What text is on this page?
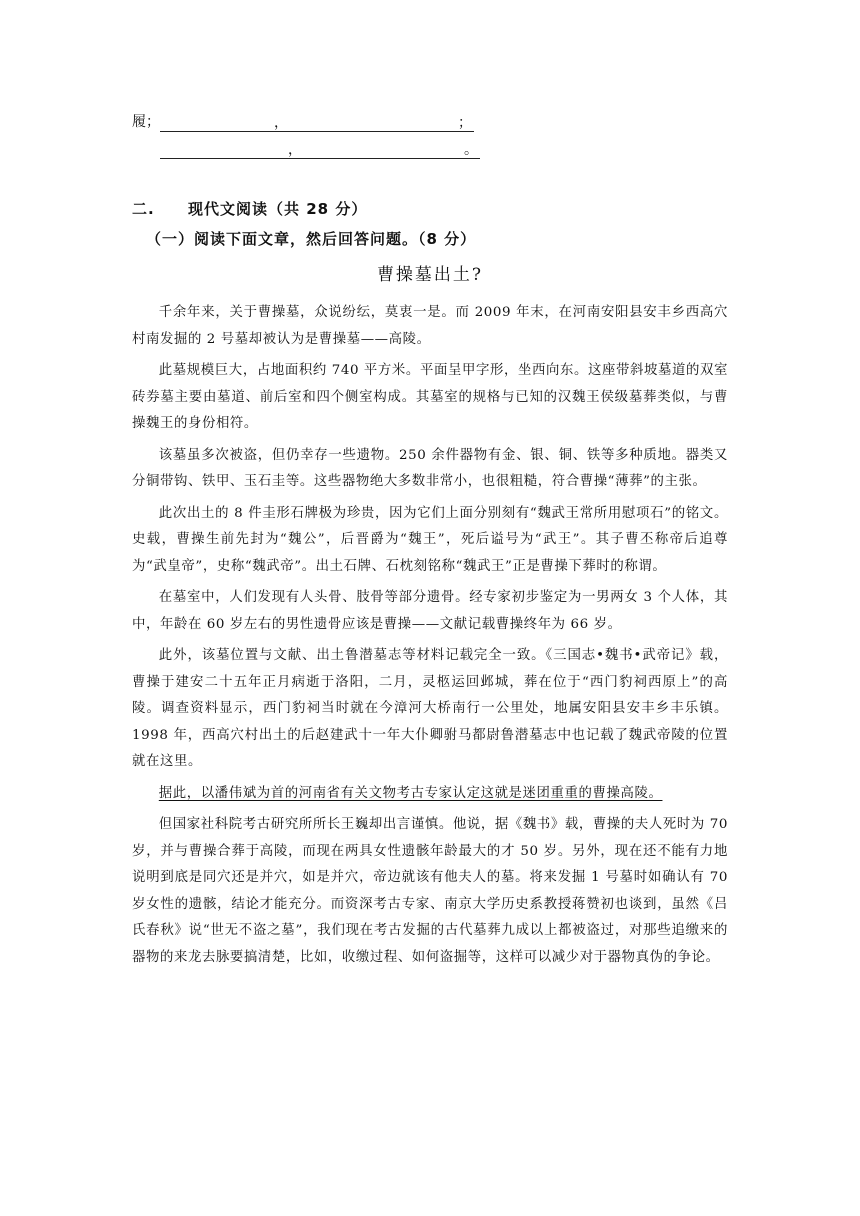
履；	，	；
，	。
二. 现代文阅读（共 28 分）
（一）阅读下面文章，然后回答问题。（8 分）
曹操墓出土?

千余年来，关于曹操墓，众说纷纭，莫衷一是。而 2009 年末，在河南安阳县安丰乡西高穴村南发掘的 2 号墓却被认为是曹操墓——高陵。

此墓规模巨大，占地面积约 740 平方米。平面呈甲字形，坐西向东。这座带斜坡墓道的双室砖券墓主要由墓道、前后室和四个侧室构成。其墓室的规格与已知的汉魏王侯级墓葬类似，与曹操魏王的身份相符。

该墓虽多次被盗，但仍幸存一些遗物。250 余件器物有金、银、铜、铁等多种质地。器类又分铜带钩、铁甲、玉石圭等。这些器物绝大多数非常小，也很粗糙，符合曹操“薄葬”的主张。

此次出土的 8 件圭形石牌极为珍贵，因为它们上面分别刻有“魏武王常所用慰项石”的铭文。史载，曹操生前先封为“魏公”，后晋爵为“魏王”，死后谥号为“武王”。其子曹丕称帝后追尊为“武皇帝”，史称“魏武帝”。出土石牌、石枕刻铭称“魏武王”正是曹操下葬时的称谓。

在墓室中，人们发现有人头骨、肢骨等部分遗骨。经专家初步鉴定为一男两女 3 个人体，其中，年龄在 60 岁左右的男性遗骨应该是曹操——文献记载曹操终年为 66 岁。

此外，该墓位置与文献、出土鲁潜墓志等材料记载完全一致。《三国志•魏书•武帝记》载，曹操于建安二十五年正月病逝于洛阳，二月，灵柩运回邺城，葬在位于“西门豹祠西原上”的高陵。调查资料显示，西门豹祠当时就在今漳河大桥南行一公里处，地属安阳县安丰乡丰乐镇。1998 年，西高穴村出土的后赵建武十一年大仆卿驸马都尉鲁潜墓志中也记载了魏武帝陵的位置就在这里。

据此，以潘伟斌为首的河南省有关文物考古专家认定这就是迷团重重的曹操高陵。

但国家社科院考古研究所所长王巍却出言谨慎。他说，据《魏书》载，曹操的夫人死时为 70 岁，并与曹操合葬于高陵，而现在两具女性遗骸年龄最大的才 50 岁。另外，现在还不能有力地说明到底是同穴还是并穴，如是并穴，帝边就该有他夫人的墓。将来发掘 1 号墓时如确认有 70 岁女性的遗骸，结论才能充分。而资深考古专家、南京大学历史系教授蒋赞初也谈到，虽然《吕氏春秋》说“世无不盗之墓”，我们现在考古发掘的古代墓葬九成以上都被盗过，对那些追缴来的器物的来龙去脉要搞清楚，比如，收缴过程、如何盗掘等，这样可以减少对于器物真伪的争论。
